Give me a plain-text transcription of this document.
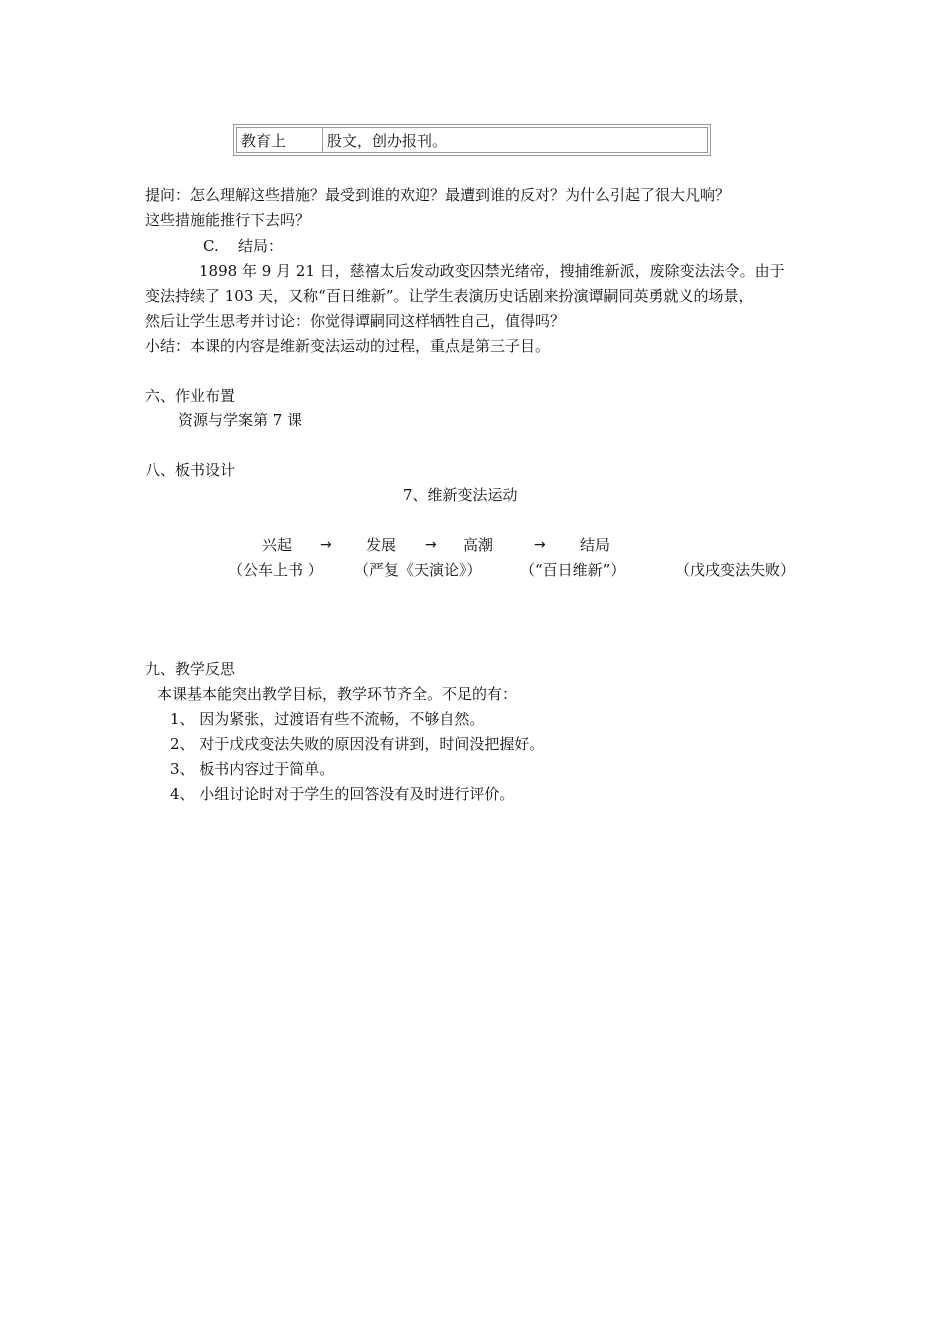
教育上	股文，创办报刊。
提问：怎么理解这些措施？最受到谁的欢迎？最遭到谁的反对？为什么引起了很大凡响？
这些措施能推行下去吗？
C. 结局：
1898 年 9 月 21 日，慈禧太后发动政变囚禁光绪帝，搜捕维新派，废除变法法令。由于
变法持续了 103 天，又称“百日维新”。让学生表演历史话剧来扮演谭嗣同英勇就义的场景，
然后让学生思考并讨论：你觉得谭嗣同这样牺牲自己，值得吗？
小结：本课的内容是维新变法运动的过程，重点是第三子目。
六、作业布置
资源与学案第 7 课
八、板书设计
7、维新变法运动
兴起 → 发展 → 高潮	→ 结局
（公车上书 ） （严复《天演论》）	（“百日维新”）	（戊戌变法失败）
九、教学反思
本课基本能突出教学目标，教学环节齐全。不足的有：
1、 因为紧张，过渡语有些不流畅，不够自然。
2、 对于戊戌变法失败的原因没有讲到，时间没把握好。
3、 板书内容过于简单。
4、 小组讨论时对于学生的回答没有及时进行评价。
